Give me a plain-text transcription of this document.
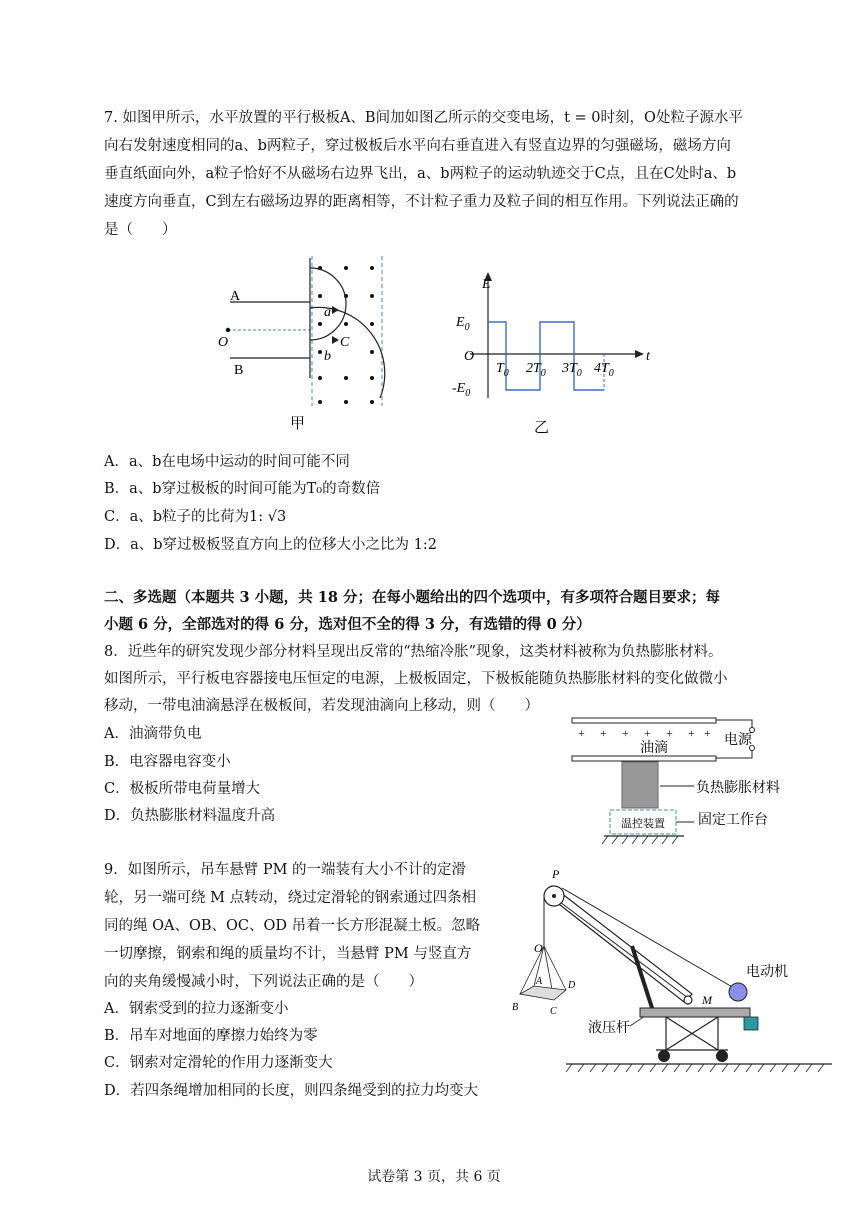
7. 如图甲所示，水平放置的平行极板A、B间加如图乙所示的交变电场，t = 0时刻，O处粒子源水平
向右发射速度相同的a、b两粒子，穿过极板后水平向右垂直进入有竖直边界的匀强磁场，磁场方向
垂直纸面向外，a粒子恰好不从磁场右边界飞出，a、b两粒子的运动轨迹交于C点，且在C处时a、b
速度方向垂直，C到左右磁场边界的距离相等，不计粒子重力及粒子间的相互作用。下列说法正确的
是（　　）
A
B
O
a
b
C
甲
E
$E_0$
O
$-E_0$
t
$T_0$ $2T_0$ $3T_0$ $4T_0$
乙
A．a、b在电场中运动的时间可能不同
B．a、b穿过极板的时间可能为T₀的奇数倍
C．a、b粒子的比荷为1: √3
D．a、b穿过极板竖直方向上的位移大小之比为 1:2
二、多选题（本题共 3 小题，共 18 分；在每小题给出的四个选项中，有多项符合题目要求；每
小题 6 分，全部选对的得 6 分，选对但不全的得 3 分，有选错的得 0 分）
8．近些年的研究发现少部分材料呈现出反常的“热缩冷胀”现象，这类材料被称为负热膨胀材料。
如图所示，平行板电容器接电压恒定的电源，上极板固定，下极板能随负热膨胀材料的变化做微小
移动，一带电油滴悬浮在极板间，若发现油滴向上移动，则（　　）
A．油滴带负电
B．电容器电容变小
C．极板所带电荷量增大
D．负热膨胀材料温度升高
+ + + + + + +
油滴
电源
负热膨胀材料
温控装置 固定工作台
9．如图所示，吊车悬臂 PM 的一端装有大小不计的定滑
轮，另一端可绕 M 点转动，绕过定滑轮的钢索通过四条相
同的绳 OA、OB、OC、OD 吊着一长方形混凝土板。忽略
一切摩擦，钢索和绳的质量均不计，当悬臂 PM 与竖直方
向的夹角缓慢减小时，下列说法正确的是（　　）
A．钢索受到的拉力逐渐变小
B．吊车对地面的摩擦力始终为零
C．钢索对定滑轮的作用力逐渐变大
D．若四条绳增加相同的长度，则四条绳受到的拉力均变大
P
O
A
B	C
D
液压杆
M
电动机
试卷第 3 页，共 6 页
